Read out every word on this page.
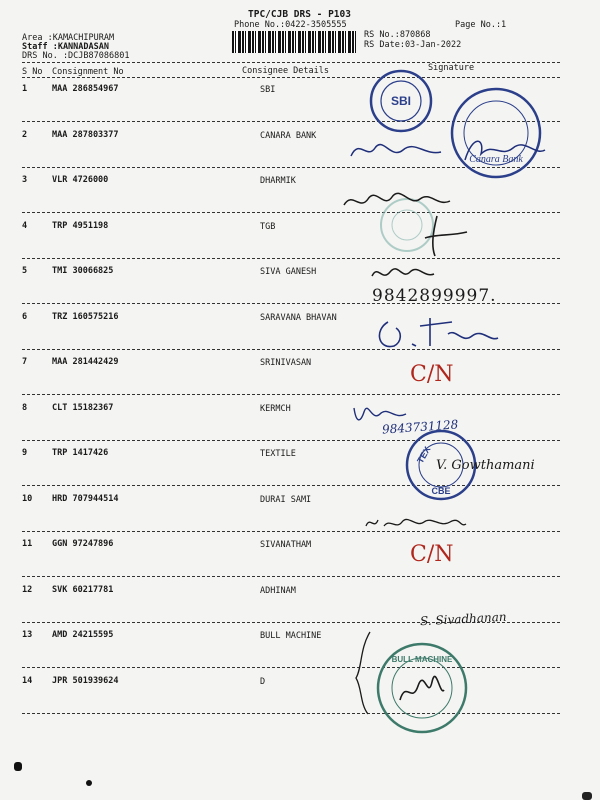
TPC/CJB DRS - P103
Phone No.:0422-3505555	Page No.:1
Area :KAMACHIPURAM
Staff :KANNADASAN
DRS No. :DCJB87086801
RS No.:870868
RS Date:03-Jan-2022
S No Consignment No	Consignee Details	Signature
1	MAA 286854967	SBI
2	MAA 287803377	CANARA BANK
3	VLR 4726000	DHARMIK
4	TRP 4951198	TGB
5	TMI 30066825	SIVA GANESH
6	TRZ 160575216	SARAVANA BHAVAN
7	MAA 281442429	SRINIVASAN
8	CLT 15182367	KERMCH
9	TRP 1417426	TEXTILE
10 HRD 707944514	DURAI SAMI
11 GGN 97247896	SIVANATHAM
12 SVK 60217781	ADHINAM
13 AMD 24215595	BULL MACHINE
14 JPR 501939624	D
SBI
Canara Bank
TEX
CBE
BULL MACHINE
9842899997.
C/N
9843731128
V. Gowthamani
C/N
S. Sivadhanan
